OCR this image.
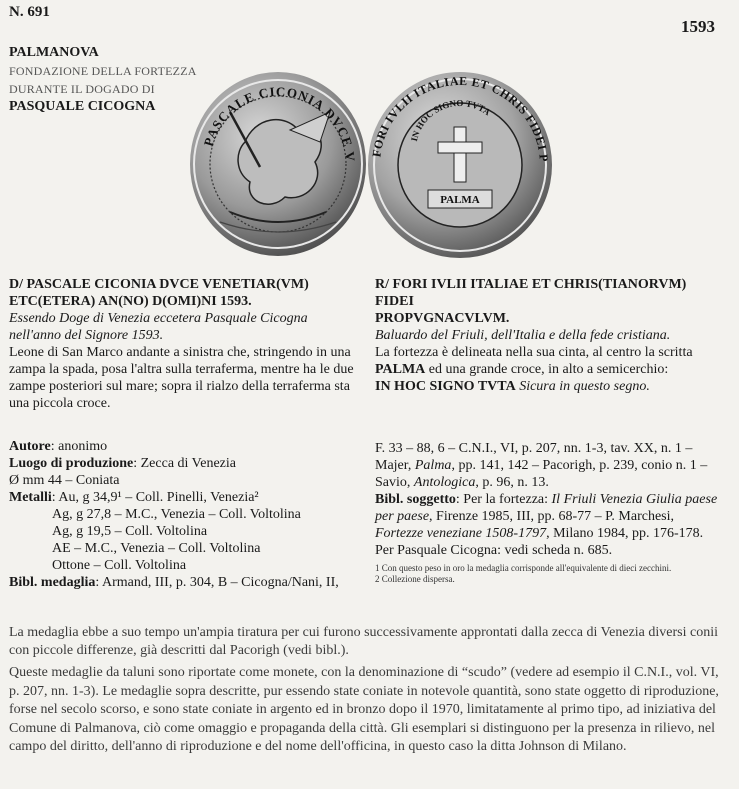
N. 691
1593
PALMANOVA
FONDAZIONE DELLA FORTEZZA
DURANTE IL DOGADO DI
PASQUALE CICOGNA
PASCALE CICONIA DVCE V FORI IVLII ITALIAE ET CHRIS FIDEI P
IN HOC SIGNO TVTA
PALMA

D/ PASCALE CICONIA DVCE VENETIAR(VM)

ETC(ETERA) AN(NO) D(OMI)NI 1593.

Essendo Doge di Venezia eccetera Pasquale Cicogna

nell'anno del Signore 1593.

Leone di San Marco andante a sinistra che, stringendo in una zampa la spada, posa l'altra sulla terraferma, mentre ha le due zampe posteriori sul mare; sopra il rialzo della terraferma sta una piccola croce.

R/ FORI IVLII ITALIAE ET CHRIS(TIANORVM) FIDEI

PROPVGNACVLVM.

Baluardo del Friuli, dell'Italia e della fede cristiana.

La fortezza è delineata nella sua cinta, al centro la scritta

PALMA ed una grande croce, in alto a semicerchio:

IN HOC SIGNO TVTA Sicura in questo segno.

Autore: anonimo

Luogo di produzione: Zecca di Venezia

Ø mm 44 – Coniata

Metalli: Au, g 34,9¹ – Coll. Pinelli, Venezia²

Ag, g 27,8 – M.C., Venezia – Coll. Voltolina

Ag, g 19,5 – Coll. Voltolina

AE – M.C., Venezia – Coll. Voltolina

Ottone – Coll. Voltolina

Bibl. medaglia: Armand, III, p. 304, B – Cicogna/Nani, II,

F. 33 – 88, 6 – C.N.I., VI, p. 207, nn. 1-3, tav. XX, n. 1 –

Majer, Palma, pp. 141, 142 – Pacorigh, p. 239, conio n. 1 –

Savio, Antologica, p. 96, n. 13.

Bibl. soggetto: Per la fortezza: Il Friuli Venezia Giulia paese per paese, Firenze 1985, III, pp. 68-77 – P. Marchesi, Fortezze veneziane 1508-1797, Milano 1984, pp. 176-178.

Per Pasquale Cicogna: vedi scheda n. 685.

1 Con questo peso in oro la medaglia corrisponde all'equivalente di dieci zecchini.

2 Collezione dispersa.

La medaglia ebbe a suo tempo un'ampia tiratura per cui furono successivamente approntati dalla zecca di Venezia diversi conii con piccole differenze, già descritti dal Pacorigh (vedi bibl.).
Queste medaglie da taluni sono riportate come monete, con la denominazione di “scudo” (vedere ad esempio il C.N.I., vol. VI, p. 207, nn. 1-3). Le medaglie sopra descritte, pur essendo state coniate in notevole quantità, sono state oggetto di riproduzione, forse nel secolo scorso, e sono state coniate in argento ed in bronzo dopo il 1970, limitatamente al primo tipo, ad iniziativa del Comune di Palmanova, ciò come omaggio e propaganda della città. Gli esemplari si distinguono per la presenza in rilievo, nel campo del diritto, dell'anno di riproduzione e del nome dell'officina, in questo caso la ditta Johnson di Milano.
